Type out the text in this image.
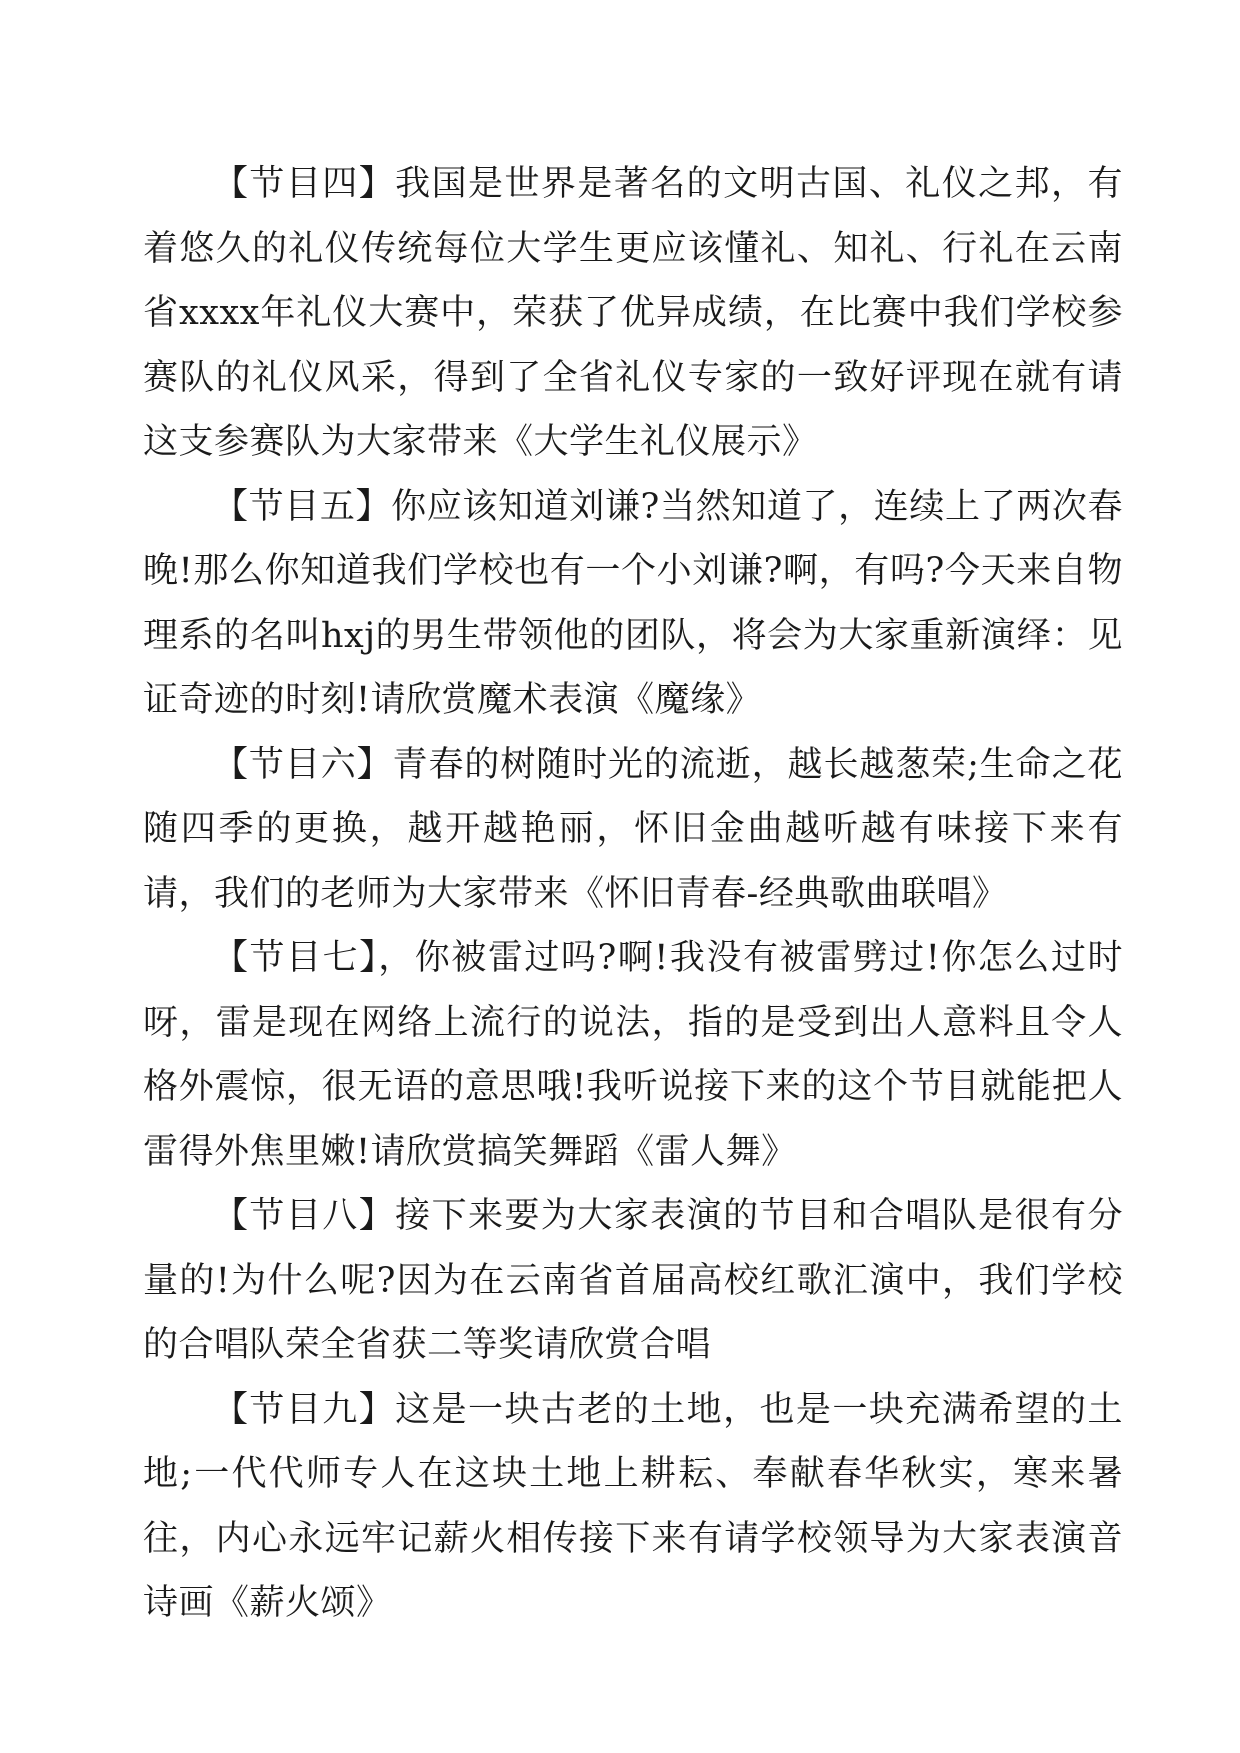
【节目四】我国是世界是著名的文明古国、礼仪之邦，有着悠久的礼仪传统每位大学生更应该懂礼、知礼、行礼在云南省xxxx年礼仪大赛中，荣获了优异成绩，在比赛中我们学校参赛队的礼仪风采，得到了全省礼仪专家的一致好评现在就有请这支参赛队为大家带来《大学生礼仪展示》

【节目五】你应该知道刘谦?当然知道了，连续上了两次春晚!那么你知道我们学校也有一个小刘谦?啊，有吗?今天来自物理系的名叫hxj的男生带领他的团队，将会为大家重新演绎：见证奇迹的时刻!请欣赏魔术表演《魔缘》

【节目六】青春的树随时光的流逝，越长越葱荣;生命之花随四季的更换，越开越艳丽，怀旧金曲越听越有味接下来有请，我们的老师为大家带来《怀旧青春-经典歌曲联唱》

【节目七】，你被雷过吗?啊!我没有被雷劈过!你怎么过时呀，雷是现在网络上流行的说法，指的是受到出人意料且令人格外震惊，很无语的意思哦!我听说接下来的这个节目就能把人雷得外焦里嫩!请欣赏搞笑舞蹈《雷人舞》

【节目八】接下来要为大家表演的节目和合唱队是很有分量的!为什么呢?因为在云南省首届高校红歌汇演中，我们学校的合唱队荣全省获二等奖请欣赏合唱

【节目九】这是一块古老的土地，也是一块充满希望的土地;一代代师专人在这块土地上耕耘、奉献春华秋实，寒来暑往，内心永远牢记薪火相传接下来有请学校领导为大家表演音诗画《薪火颂》
